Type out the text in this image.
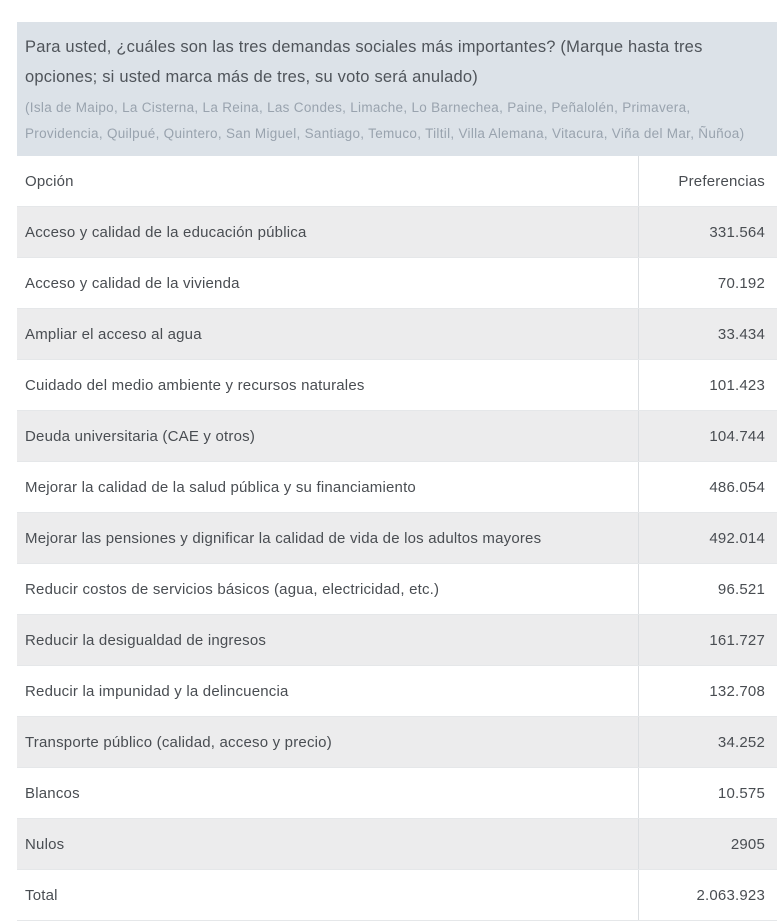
Para usted, ¿cuáles son las tres demandas sociales más importantes? (Marque hasta tres opciones; si usted marca más de tres, su voto será anulado)

(Isla de Maipo, La Cisterna, La Reina, Las Condes, Limache, Lo Barnechea, Paine, Peñalolén, Primavera, Providencia, Quilpué, Quintero, San Miguel, Santiago, Temuco, Tiltil, Villa Alemana, Vitacura, Viña del Mar, Ñuñoa)

Opción	Preferencias
Acceso y calidad de la educación pública	331.564
Acceso y calidad de la vivienda	70.192
Ampliar el acceso al agua	33.434
Cuidado del medio ambiente y recursos naturales	101.423
Deuda universitaria (CAE y otros)	104.744
Mejorar la calidad de la salud pública y su financiamiento	486.054
Mejorar las pensiones y dignificar la calidad de vida de los adultos mayores	492.014
Reducir costos de servicios básicos (agua, electricidad, etc.)	96.521
Reducir la desigualdad de ingresos	161.727
Reducir la impunidad y la delincuencia	132.708
Transporte público (calidad, acceso y precio)	34.252
Blancos	10.575
Nulos	2905
Total	2.063.923
